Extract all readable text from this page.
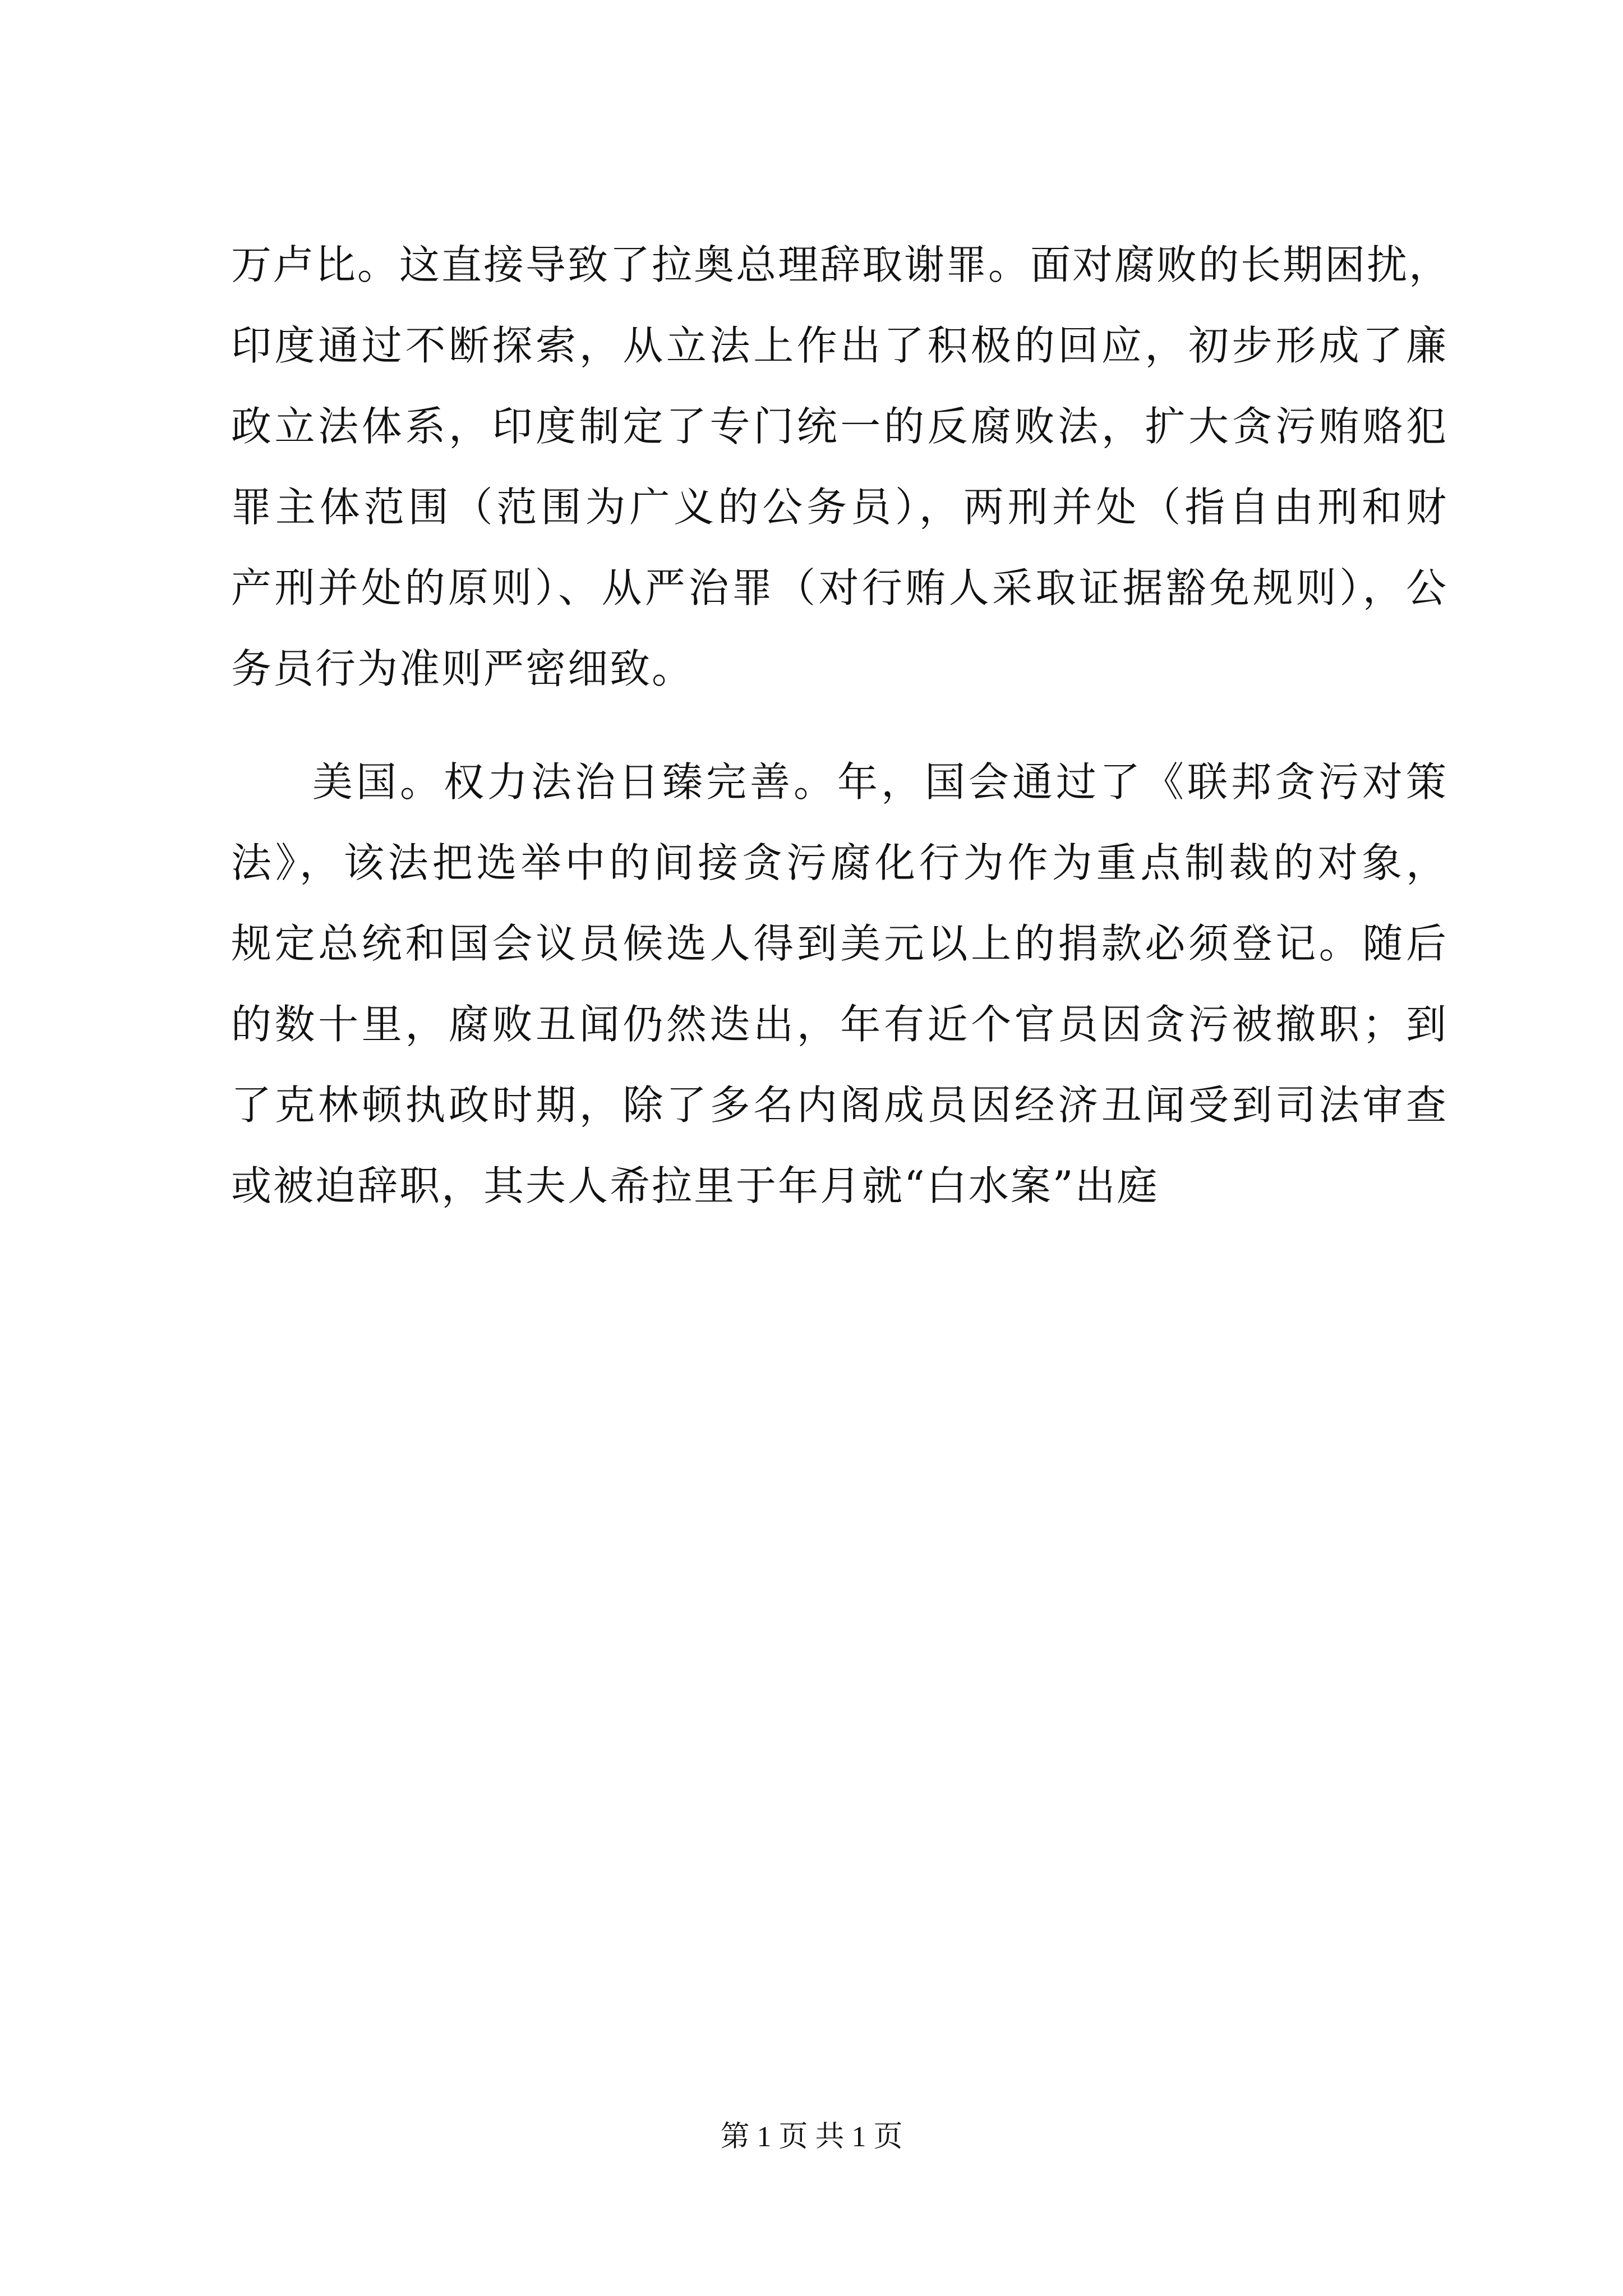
万卢比。这直接导致了拉奥总理辞取谢罪。面对腐败的长期困扰，
印度通过不断探索，从立法上作出了积极的回应，初步形成了廉
政立法体系，印度制定了专门统一的反腐败法，扩大贪污贿赂犯
罪主体范围（范围为广义的公务员），两刑并处（指自由刑和财
产刑并处的原则）、从严治罪（对行贿人采取证据豁免规则），公
务员行为准则严密细致。
美国。权力法治日臻完善。年，国会通过了《联邦贪污对策
法》，该法把选举中的间接贪污腐化行为作为重点制裁的对象，
规定总统和国会议员候选人得到美元以上的捐款必须登记。随后
的数十里，腐败丑闻仍然迭出，年有近个官员因贪污被撤职；到
了克林顿执政时期，除了多名内阁成员因经济丑闻受到司法审查
或被迫辞职，其夫人希拉里于年月就“白水案”出庭
第 1 页 共 1 页
